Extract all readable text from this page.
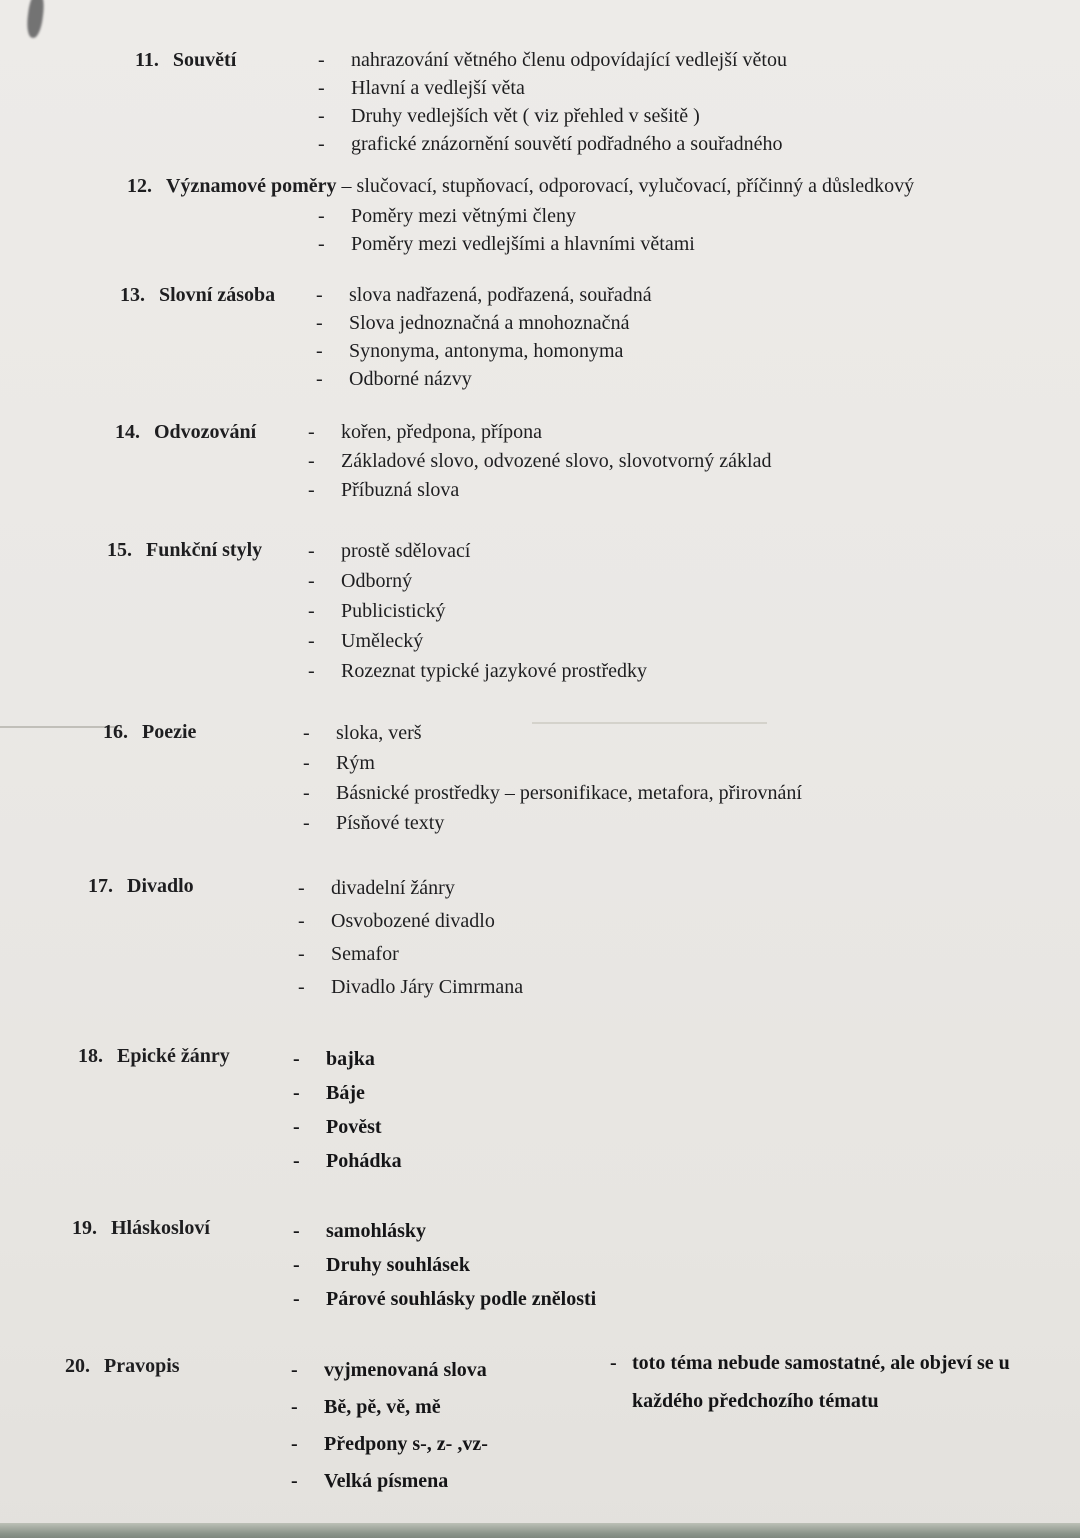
11. Souvětí	-	nahrazování větného členu odpovídající vedlejší větou
-	Hlavní a vedlejší věta
-	Druhy vedlejších vět ( viz přehled v sešitě )
-	grafické znázornění souvětí podřadného a souřadného
12. Významové poměry – slučovací, stupňovací, odporovací, vylučovací, příčinný a důsledkový
-	Poměry mezi větnými členy
-	Poměry mezi vedlejšími a hlavními větami
13. Slovní zásoba -	slova nadřazená, podřazená, souřadná
-	Slova jednoznačná a mnohoznačná
-	Synonyma, antonyma, homonyma
-	Odborné názvy
14. Odvozování	-	kořen, předpona, přípona
-	Základové slovo, odvozené slovo, slovotvorný základ
-	Příbuzná slova
15. Funkční styly -	prostě sdělovací
-	Odborný
-	Publicistický
-	Umělecký
-	Rozeznat typické jazykové prostředky
16. Poezie	-	sloka, verš
-	Rým
-	Básnické prostředky – personifikace, metafora, přirovnání
-	Písňové texty
17. Divadlo	-	divadelní žánry
-	Osvobozené divadlo
-	Semafor
-	Divadlo Járy Cimrmana
18. Epické žánry	-	bajka
-	Báje
-	Pověst
-	Pohádka
19. Hláskosloví	-	samohlásky
-	Druhy souhlásek
-	Párové souhlásky podle znělosti
20. Pravopis	-	vyjmenovaná slova
-	Bě, pě, vě, mě
-	Předpony s-, z- ,vz-
-	Velká písmena
- toto téma nebude samostatné, ale objeví se u každého předchozího tématu
